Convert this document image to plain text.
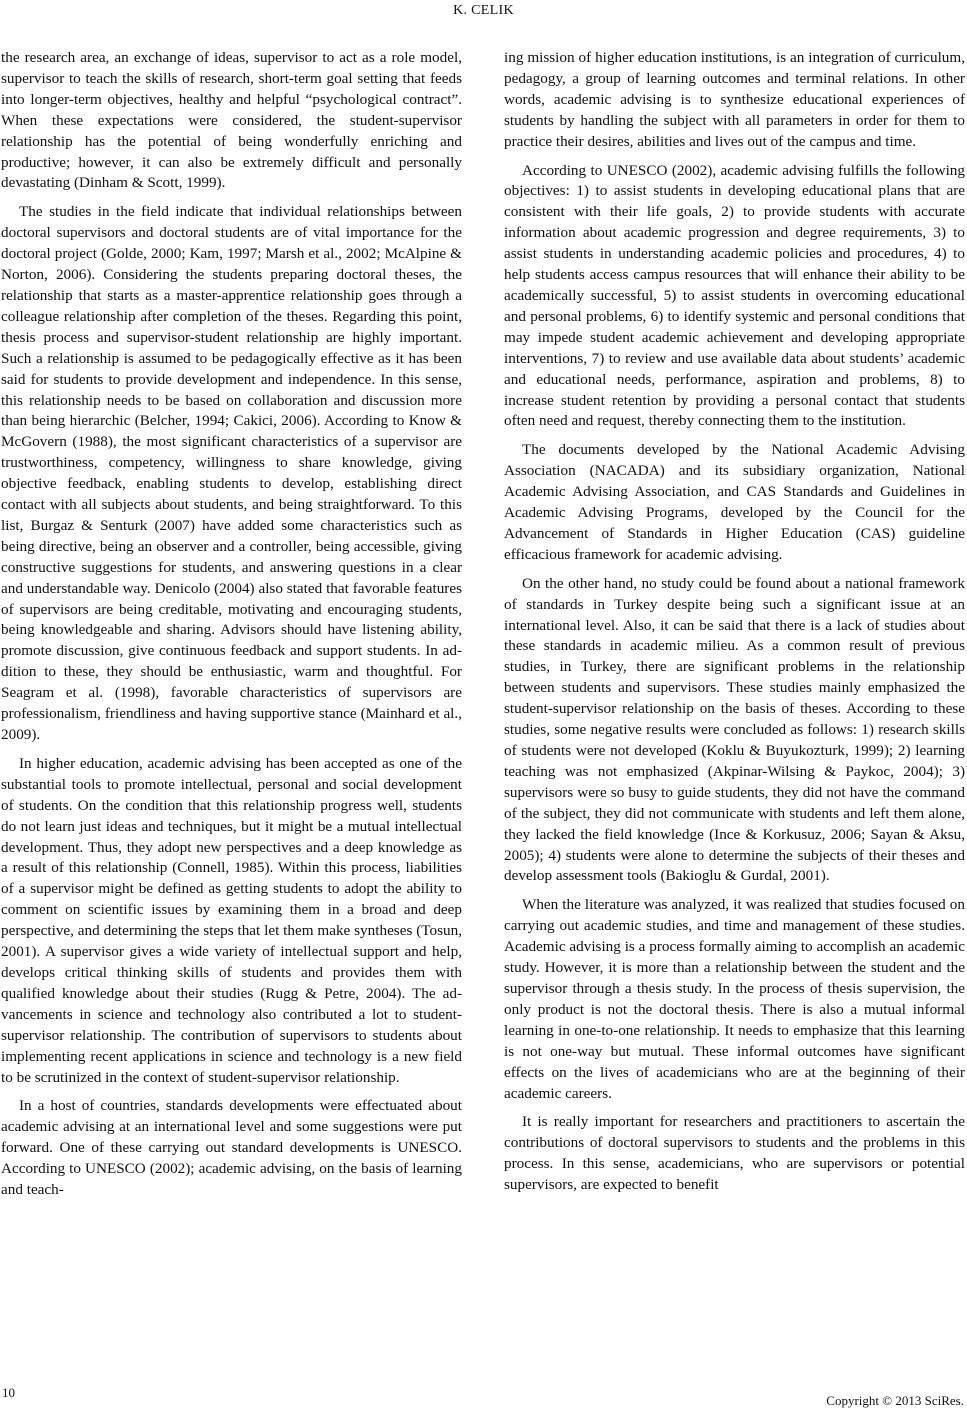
K. CELIK

the research area, an exchange of ideas, supervisor to act as a role model, supervisor to teach the skills of research, short-term goal setting that feeds into longer-term objectives, healthy and helpful “psychological contract”. When these expectations were considered, the student-supervisor relationship has the potential of being wonderfully enriching and productive; however, it can also be extremely difficult and personally devastating (Dinham & Scott, 1999).

The studies in the field indicate that individual relationships between doctoral supervisors and doctoral students are of vital importance for the doctoral project (Golde, 2000; Kam, 1997; Marsh et al., 2002; McAlpine & Norton, 2006). Considering the students preparing doctoral theses, the relationship that starts as a master-apprentice relationship goes through a colleague relationship after completion of the theses. Regarding this point, thesis process and supervisor-student relationship are highly important. Such a relationship is assumed to be pedagogically effective as it has been said for students to provide development and independence. In this sense, this relationship needs to be based on collaboration and discussion more than being hierarchic (Belcher, 1994; Cakici, 2006). According to Know & McGovern (1988), the most significant characteristics of a supervisor are trustworthiness, competency, willingness to share knowledge, giving objective feedback, enabling students to develop, establishing direct contact with all subjects about students, and being straightforward. To this list, Burgaz & Senturk (2007) have added some characteristics such as being directive, being an observer and a controller, being accessible, giving constructive suggestions for students, and answering questions in a clear and understandable way. Denicolo (2004) also stated that favorable features of supervisors are being creditable, motivating and encouraging students, being knowledgeable and sharing. Advisors should have listening ability, promote discussion, give continuous feedback and support students. In addition to these, they should be enthusiastic, warm and thoughtful. For Seagram et al. (1998), favorable characteristics of supervisors are professionalism, friendliness and having supportive stance (Mainhard et al., 2009).

In higher education, academic advising has been accepted as one of the substantial tools to promote intellectual, personal and social development of students. On the condition that this relationship progress well, students do not learn just ideas and techniques, but it might be a mutual intellectual development. Thus, they adopt new perspectives and a deep knowledge as a result of this relationship (Connell, 1985). Within this process, liabilities of a supervisor might be defined as getting students to adopt the ability to comment on scientific issues by examining them in a broad and deep perspective, and determining the steps that let them make syntheses (Tosun, 2001). A supervisor gives a wide variety of intellectual support and help, develops critical thinking skills of students and provides them with qualified knowledge about their studies (Rugg & Petre, 2004). The advancements in science and technology also contributed a lot to student-supervisor relationship. The contribution of supervisors to students about implementing recent applications in science and technology is a new field to be scrutinized in the context of student-supervisor relationship.

In a host of countries, standards developments were effectuated about academic advising at an international level and some suggestions were put forward. One of these carrying out standard developments is UNESCO. According to UNESCO (2002); academic advising, on the basis of learning and teach-

ing mission of higher education institutions, is an integration of curriculum, pedagogy, a group of learning outcomes and terminal relations. In other words, academic advising is to synthesize educational experiences of students by handling the subject with all parameters in order for them to practice their desires, abilities and lives out of the campus and time.

According to UNESCO (2002), academic advising fulfills the following objectives: 1) to assist students in developing educational plans that are consistent with their life goals, 2) to provide students with accurate information about academic progression and degree requirements, 3) to assist students in understanding academic policies and procedures, 4) to help students access campus resources that will enhance their ability to be academically successful, 5) to assist students in overcoming educational and personal problems, 6) to identify systemic and personal conditions that may impede student academic achievement and developing appropriate interventions, 7) to review and use available data about students’ academic and educational needs, performance, aspiration and problems, 8) to increase student retention by providing a personal contact that students often need and request, thereby connecting them to the institution.

The documents developed by the National Academic Advising Association (NACADA) and its subsidiary organization, National Academic Advising Association, and CAS Standards and Guidelines in Academic Advising Programs, developed by the Council for the Advancement of Standards in Higher Education (CAS) guideline efficacious framework for academic advising.

On the other hand, no study could be found about a national framework of standards in Turkey despite being such a significant issue at an international level. Also, it can be said that there is a lack of studies about these standards in academic milieu. As a common result of previous studies, in Turkey, there are significant problems in the relationship between students and supervisors. These studies mainly emphasized the student-supervisor relationship on the basis of theses. According to these studies, some negative results were concluded as follows: 1) research skills of students were not developed (Koklu & Buyukozturk, 1999); 2) learning teaching was not emphasized (Akpinar-Wilsing & Paykoc, 2004); 3) supervisors were so busy to guide students, they did not have the command of the subject, they did not communicate with students and left them alone, they lacked the field knowledge (Ince & Korkusuz, 2006; Sayan & Aksu, 2005); 4) students were alone to determine the subjects of their theses and develop assessment tools (Bakioglu & Gurdal, 2001).

When the literature was analyzed, it was realized that studies focused on carrying out academic studies, and time and management of these studies. Academic advising is a process formally aiming to accomplish an academic study. However, it is more than a relationship between the student and the supervisor through a thesis study. In the process of thesis supervision, the only product is not the doctoral thesis. There is also a mutual informal learning in one-to-one relationship. It needs to emphasize that this learning is not one-way but mutual. These informal outcomes have significant effects on the lives of academicians who are at the beginning of their academic careers.

It is really important for researchers and practitioners to ascertain the contributions of doctoral supervisors to students and the problems in this process. In this sense, academicians, who are supervisors or potential supervisors, are expected to benefit

10
Copyright © 2013 SciRes.
